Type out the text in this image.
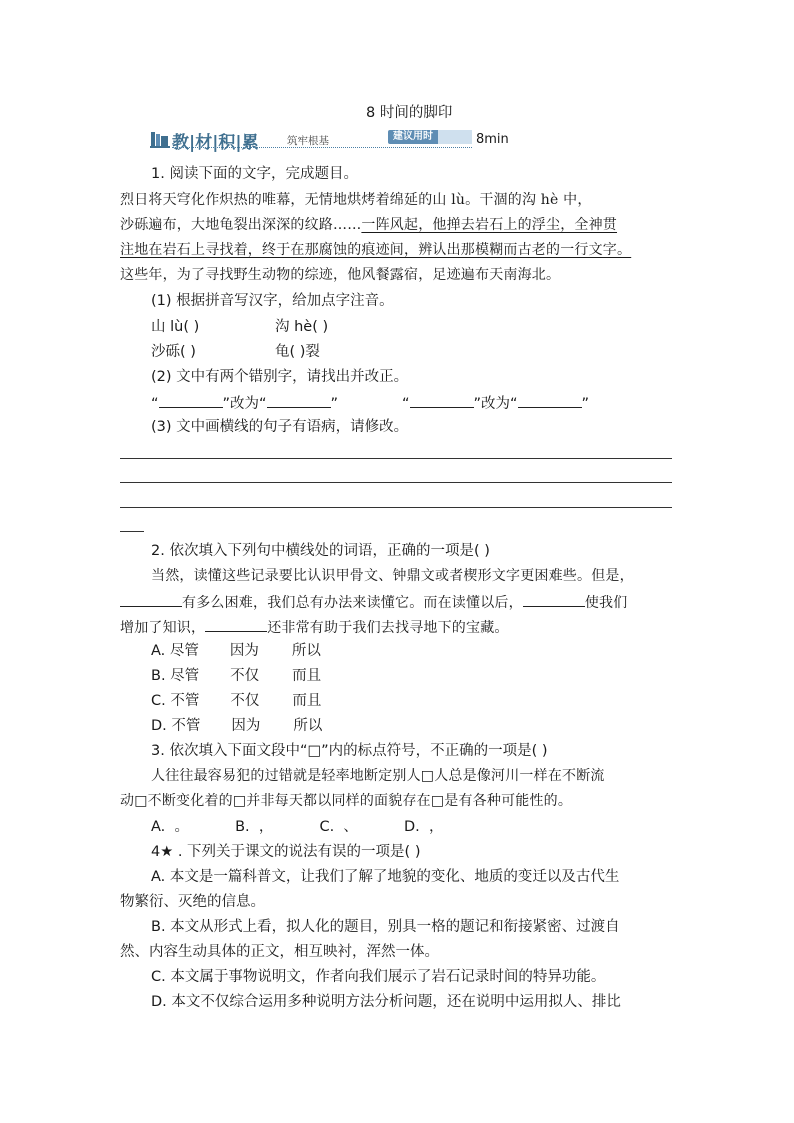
8 时间的脚印
教|材|积|累	筑牢根基	建议用时	8min
1. 阅读下面的文字，完成题目。
烈日将天穹化作炽热的唯幕，无情地烘烤着绵延的山 lù。干涸的沟 hè 中，
沙砾遍布，大地龟裂出深深的纹路……一阵风起，他掸去岩石上的浮尘，全神贯
注地在岩石上寻找着，终于在那腐蚀的痕迹间，辨认出那模糊而古老的一行文字。
这些年，为了寻找野生动物的综迹，他风餐露宿，足迹遍布天南海北。
(1) 根据拼音写汉字，给加点字注音。
山 lù( )	沟 hè( )
沙砾( )	龟( )裂
(2) 文中有两个错别字，请找出并改正。
“	”改为“	”	“	”改为“	”
(3) 文中画横线的句子有语病，请修改。
2. 依次填入下列句中横线处的词语，正确的一项是( )
当然，读懂这些记录要比认识甲骨文、钟鼎文或者楔形文字更困难些。但是，
有多么困难，我们总有办法来读懂它。而在读懂以后，	使我们
增加了知识，	还非常有助于我们去找寻地下的宝藏。
A. 尽管 因为 所以
B. 尽管 不仅 而且
C. 不管 不仅 而且
D. 不管 因为 所以
3. 依次填入下面文段中“□”内的标点符号，不正确的一项是( )
人往往最容易犯的过错就是轻率地断定别人□人总是像河川一样在不断流
动□不断变化着的□并非每天都以同样的面貌存在□是有各种可能性的。
A.  。          B.  ，          C.  、          D.  ，
4★ . 下列关于课文的说法有误的一项是( )
A. 本文是一篇科普文，让我们了解了地貌的变化、地质的变迁以及古代生
物繁衍、灭绝的信息。
B. 本文从形式上看，拟人化的题目，别具一格的题记和衔接紧密、过渡自
然、内容生动具体的正文，相互映衬，浑然一体。
C. 本文属于事物说明文，作者向我们展示了岩石记录时间的特异功能。
D. 本文不仅综合运用多种说明方法分析问题，还在说明中运用拟人、排比
